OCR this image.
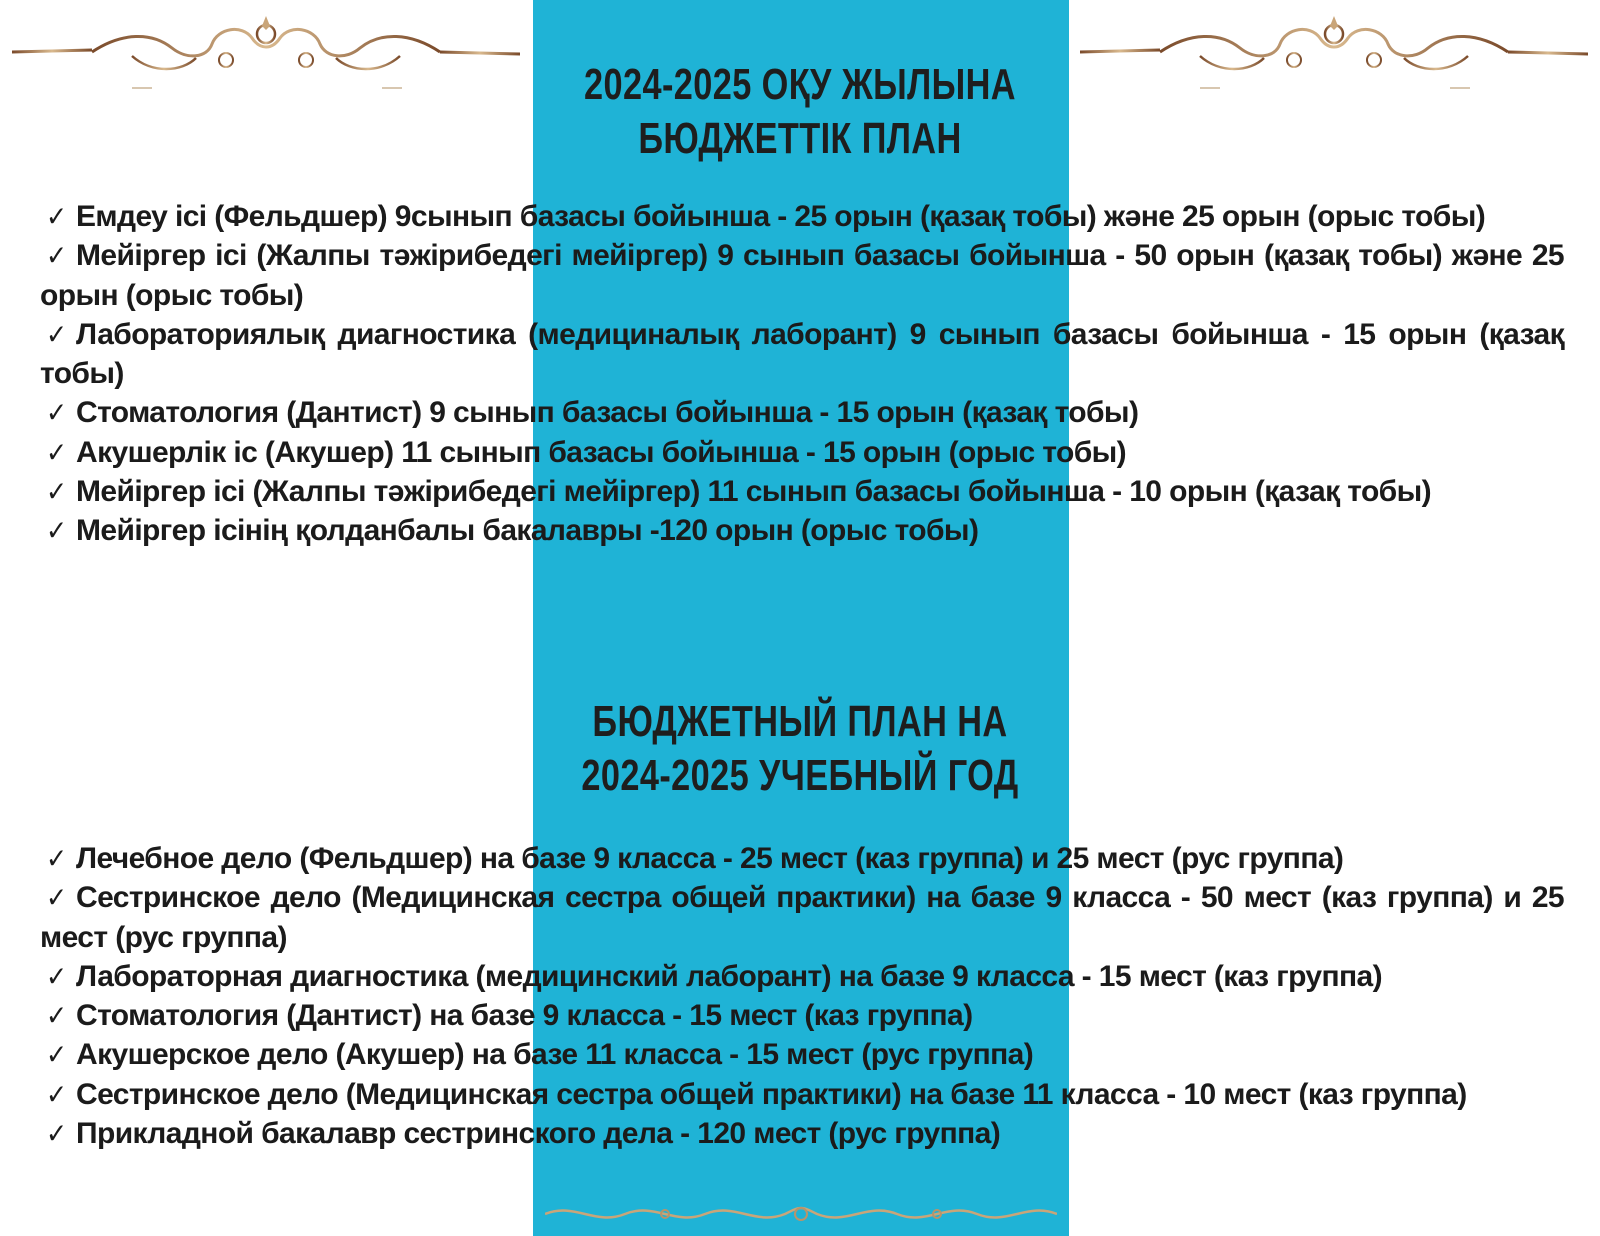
2024-2025 ОҚУ ЖЫЛЫНА
БЮДЖЕТТІК ПЛАН
✓ Емдеу ісі (Фельдшер) 9сынып базасы бойынша - 25 орын (қазақ тобы) және 25 орын (орыс тобы)
✓ Мейіргер ісі (Жалпы тәжірибедегі мейіргер) 9 сынып базасы бойынша - 50 орын (қазақ тобы) және 25 орын (орыс тобы)
✓ Лабораториялық диагностика (медициналық лаборант) 9 сынып базасы бойынша - 15 орын (қазақ тобы)
✓ Стоматология (Дантист) 9 сынып базасы бойынша - 15 орын (қазақ тобы)
✓ Акушерлік іс (Акушер) 11 сынып базасы бойынша - 15 орын (орыс тобы)
✓ Мейіргер ісі (Жалпы тәжірибедегі мейіргер) 11 сынып базасы бойынша - 10 орын (қазақ тобы)
✓ Мейіргер ісінің қолданбалы бакалавры -120 орын (орыс тобы)
БЮДЖЕТНЫЙ ПЛАН НА
2024-2025 УЧЕБНЫЙ ГОД
✓ Лечебное дело (Фельдшер) на базе 9 класса - 25 мест (каз группа) и 25 мест (рус группа)
✓ Сестринское дело (Медицинская сестра общей практики) на базе 9 класса - 50 мест (каз группа) и 25 мест (рус группа)
✓ Лабораторная диагностика (медицинский лаборант) на базе 9 класса - 15 мест (каз группа)
✓ Стоматология (Дантист) на базе 9 класса - 15 мест (каз группа)
✓ Акушерское дело (Акушер) на базе 11 класса - 15 мест (рус группа)
✓ Сестринское дело (Медицинская сестра общей практики) на базе 11 класса - 10 мест (каз группа)
✓ Прикладной бакалавр сестринского дела - 120 мест (рус группа)
